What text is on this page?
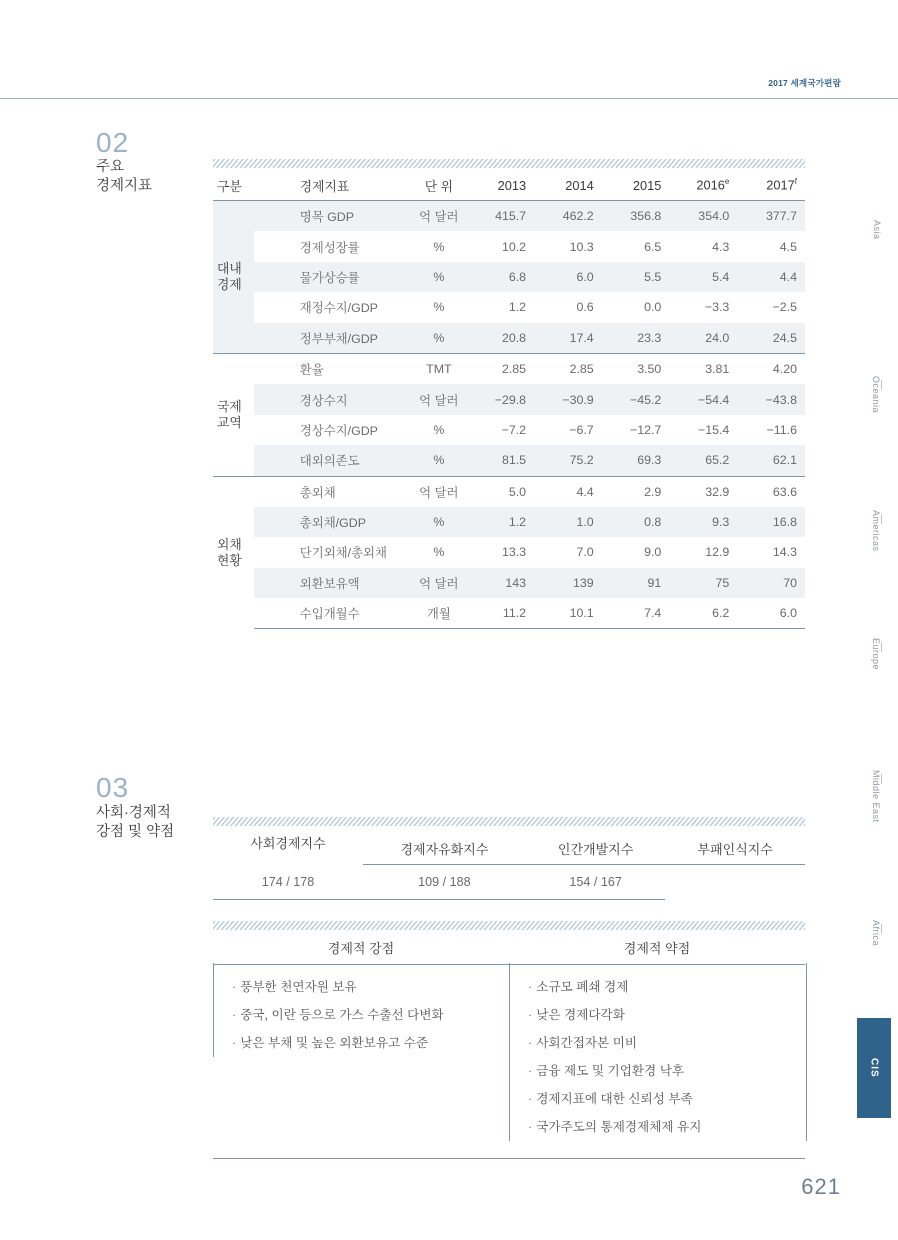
2017 세계국가편람
Asia
Oceania
Americas
Europe
Middle East
Africa
CIS
02
주요
경제지표	구분	경제지표	단 위	2013	2014	2015	2016e	2017$^f$

대내
경제	명목 GDP	억 달러	415.7	462.2	356.8	354.0	377.7
	경제성장률	%	10.2	10.3	6.5	4.3	4.5
	물가상승률	%	6.8	6.0	5.5	5.4	4.4
	재정수지/GDP	%	1.2	0.6	0.0	−3.3	−2.5
	정부부채/GDP	%	20.8	17.4	23.3	24.0	24.5

국제
교역	환율	TMT	2.85	2.85	3.50	3.81	4.20
	경상수지	억 달러	−29.8	−30.9	−45.2	−54.4	−43.8
	경상수지/GDP	%	−7.2	−6.7	−12.7	−15.4	−11.6
	대외의존도	%	81.5	75.2	69.3	65.2	62.1

외채
현황	총외채	억 달러	5.0	4.4	2.9	32.9	63.6
	총외채/GDP	%	1.2	1.0	0.8	9.3	16.8
	단기외채/총외채	%	13.3	7.0	9.0	12.9	14.3
	외환보유액	억 달러	143	139	91	75	70
	수입개월수	개월	11.2	10.1	7.4	6.2	6.0
03
사회·경제적
강점 및 약점
사회경제지수	경제자유화지수	인간개발지수	부패인식지수
174 / 178	109 / 188	154 / 167	
경제적 강점	경제적 약점
· 풍부한 천연자원 보유
· 중국, 이란 등으로 가스 수출선 다변화
· 낮은 부채 및 높은 외환보유고 수준
· 소규모 폐쇄 경제
· 낮은 경제다각화
· 사회간접자본 미비
· 금융 제도 및 기업환경 낙후
· 경제지표에 대한 신뢰성 부족
· 국가주도의 통제경제체제 유지
621
